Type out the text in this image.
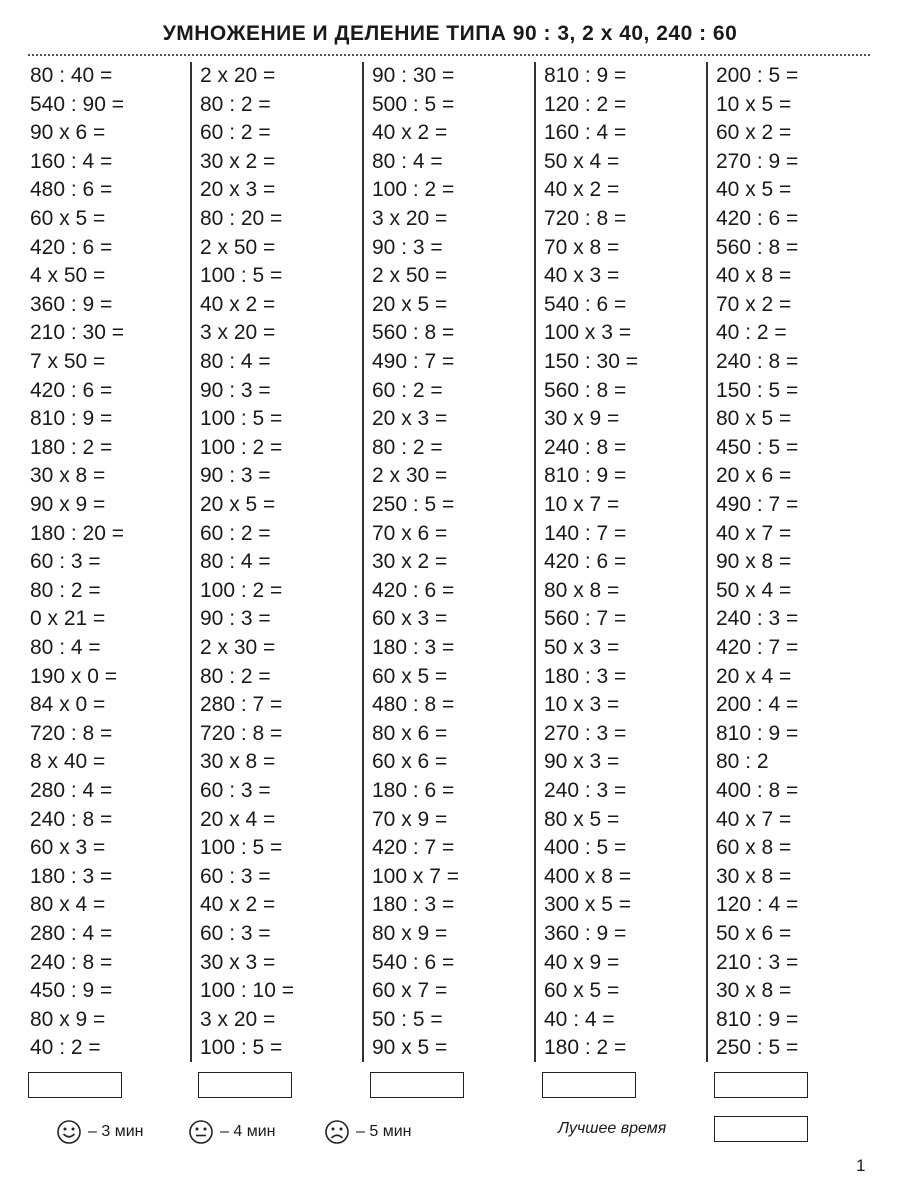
УМНОЖЕНИЕ И ДЕЛЕНИЕ ТИПА 90 : 3, 2 x 40, 240 : 60
80 : 40 =
540 : 90 =
90 x 6 =
160 : 4 =
480 : 6 =
60 x 5 =
420 : 6 =
4 x 50 =
360 : 9 =
210 : 30 =
7 x 50 =
420 : 6 =
810 : 9 =
180 : 2 =
30 x 8 =
90 x 9 =
180 : 20 =
60 : 3 =
80 : 2 =
0 x 21 =
80 : 4 =
190 x 0 =
84 x 0 =
720 : 8 =
8 x 40 =
280 : 4 =
240 : 8 =
60 x 3 =
180 : 3 =
80 x 4 =
280 : 4 =
240 : 8 =
450 : 9 =
80 x 9 =
40 : 2 =
2 x 20 =
80 : 2 =
60 : 2 =
30 x 2 =
20 x 3 =
80 : 20 =
2 x 50 =
100 : 5 =
40 x 2 =
3 x 20 =
80 : 4 =
90 : 3 =
100 : 5 =
100 : 2 =
90 : 3 =
20 x 5 =
60 : 2 =
80 : 4 =
100 : 2 =
90 : 3 =
2 x 30 =
80 : 2 =
280 : 7 =
720 : 8 =
30 x 8 =
60 : 3 =
20 x 4 =
100 : 5 =
60 : 3 =
40 x 2 =
60 : 3 =
30 x 3 =
100 : 10 =
3 x 20 =
100 : 5 =
90 : 30 =
500 : 5 =
40 x 2 =
80 : 4 =
100 : 2 =
3 x 20 =
90 : 3 =
2 x 50 =
20 x 5 =
560 : 8 =
490 : 7 =
60 : 2 =
20 x 3 =
80 : 2 =
2 x 30 =
250 : 5 =
70 x 6 =
30 x 2 =
420 : 6 =
60 x 3 =
180 : 3 =
60 x 5 =
480 : 8 =
80 x 6 =
60 x 6 =
180 : 6 =
70 x 9 =
420 : 7 =
100 x 7 =
180 : 3 =
80 x 9 =
540 : 6 =
60 x 7 =
50 : 5 =
90 x 5 =
810 : 9 =
120 : 2 =
160 : 4 =
50 x 4 =
40 x 2 =
720 : 8 =
70 x 8 =
40 x 3 =
540 : 6 =
100 x 3 =
150 : 30 =
560 : 8 =
30 x 9 =
240 : 8 =
810 : 9 =
10 x 7 =
140 : 7 =
420 : 6 =
80 x 8 =
560 : 7 =
50 x 3 =
180 : 3 =
10 x 3 =
270 : 3 =
90 x 3 =
240 : 3 =
80 x 5 =
400 : 5 =
400 x 8 =
300 x 5 =
360 : 9 =
40 x 9 =
60 x 5 =
40 : 4 =
180 : 2 =
200 : 5 =
10 x 5 =
60 x 2 =
270 : 9 =
40 x 5 =
420 : 6 =
560 : 8 =
40 x 8 =
70 x 2 =
40 : 2 =
240 : 8 =
150 : 5 =
80 x 5 =
450 : 5 =
20 x 6 =
490 : 7 =
40 x 7 =
90 x 8 =
50 x 4 =
240 : 3 =
420 : 7 =
20 x 4 =
200 : 4 =
810 : 9 =
80 : 2
400 : 8 =
40 x 7 =
60 x 8 =
30 x 8 =
120 : 4 =
50 x 6 =
210 : 3 =
30 x 8 =
810 : 9 =
250 : 5 =
– 3 мин	– 4 мин	– 5 мин	Лучшее время
1
